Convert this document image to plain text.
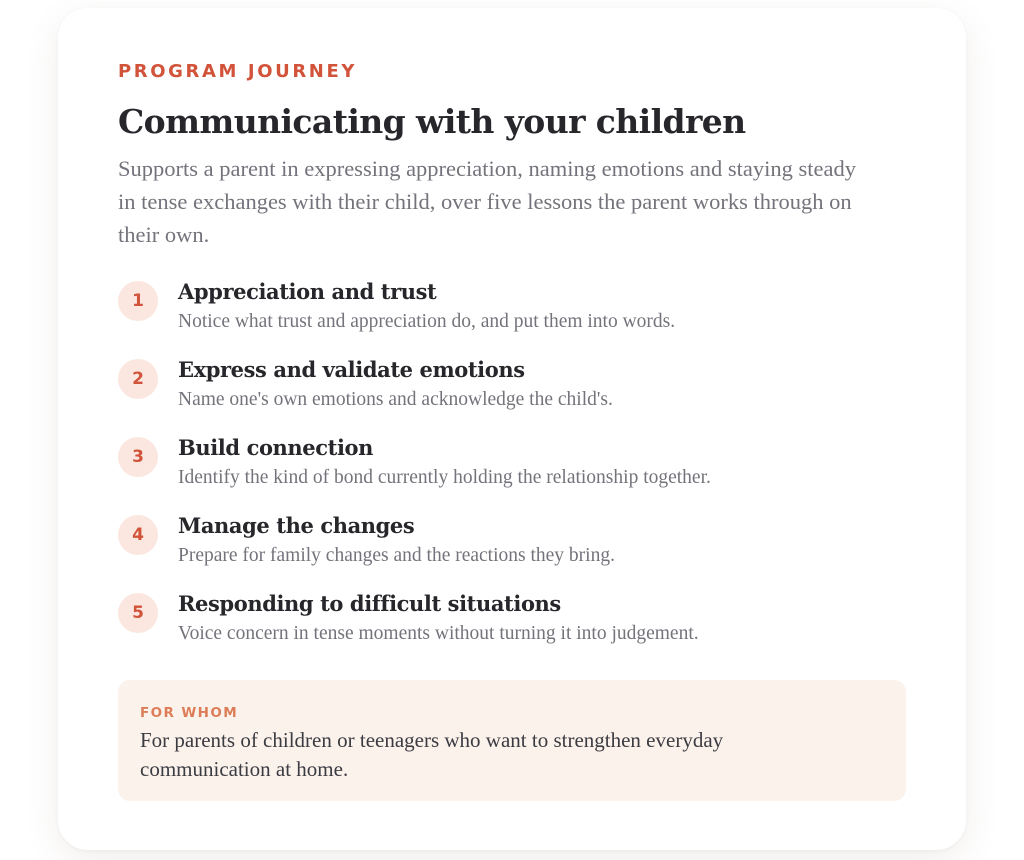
PROGRAM JOURNEY
Communicating with your children

Supports a parent in expressing appreciation, naming emotions and staying steady in tense exchanges with their child, over five lessons the parent works through on their own.

1	Appreciation and trust
Notice what trust and appreciation do, and put them into words.
2	Express and validate emotions
Name one's own emotions and acknowledge the child's.
3	Build connection
Identify the kind of bond currently holding the relationship together.
4	Manage the changes
Prepare for family changes and the reactions they bring.
5	Responding to difficult situations
Voice concern in tense moments without turning it into judgement.
FOR WHOM
For parents of children or teenagers who want to strengthen everyday communication at home.
